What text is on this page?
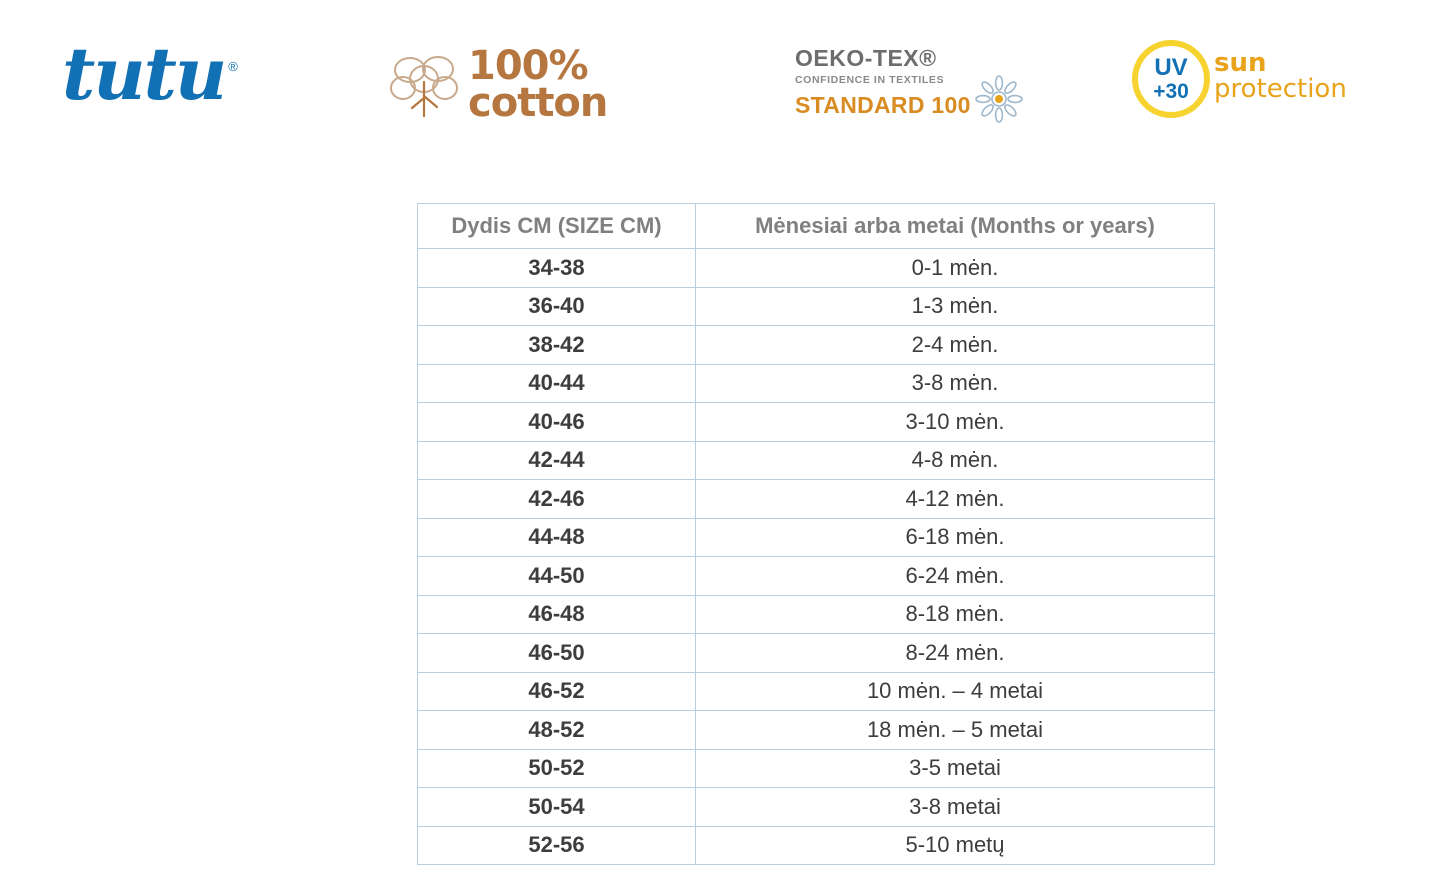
tutu ®	100%
cotton
OEKO-TEX®
CONFIDENCE IN TEXTILES
STANDARD 100
UV
+30
sun
protection
Dydis CM (SIZE CM)	Mėnesiai arba metai (Months or years)
34-38	0-1 mėn.
36-40	1-3 mėn.
38-42	2-4 mėn.
40-44	3-8 mėn.
40-46	3-10 mėn.
42-44	4-8 mėn.
42-46	4-12 mėn.
44-48	6-18 mėn.
44-50	6-24 mėn.
46-48	8-18 mėn.
46-50	8-24 mėn.
46-52	10 mėn. – 4 metai
48-52	18 mėn. – 5 metai
50-52	3-5 metai
50-54	3-8 metai
52-56	5-10 metų
